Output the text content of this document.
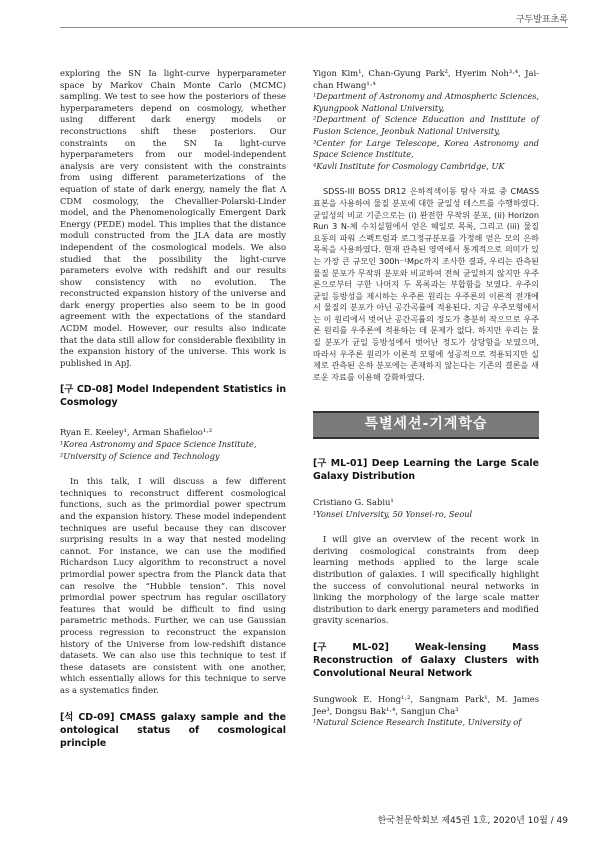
구두발표초록

exploring the SN Ia light-curve hyperparameter space by Markov Chain Monte Carlo (MCMC) sampling. We test to see how the posteriors of these hyperparameters depend on cosmology, whether using different dark energy models or reconstructions shift these posteriors. Our constraints on the SN Ia light-curve hyperparameters from our model-independent analysis are very consistent with the constraints from using different parameterizations of the equation of state of dark energy, namely the flat Λ CDM cosmology, the Chevallier-Polarski-Linder model, and the Phenomenologically Emergent Dark Energy (PEDE) model. This implies that the distance moduli constructed from the JLA data are mostly independent of the cosmological models. We also studied that the possibility the light-curve parameters evolve with redshift and our results show consistency with no evolution. The reconstructed expansion history of the universe and dark energy properties also seem to be in good agreement with the expectations of the standard ΛCDM model. However, our results also indicate that the data still allow for considerable flexibility in the expansion history of the universe. This work is published in ApJ.

[구 CD-08] Model Independent Statistics in Cosmology

Ryan E. Keeley¹, Arman Shafieloo¹·²

¹Korea Astronomy and Space Science Institute,

²University of Science and Technology

In this talk, I will discuss a few different techniques to reconstruct different cosmological functions, such as the primordial power spectrum and the expansion history. These model independent techniques are useful because they can discover surprising results in a way that nested modeling cannot. For instance, we can use the modified Richardson Lucy algorithm to reconstruct a novel primordial power spectra from the Planck data that can resolve the “Hubble tension”. This novel primordial power spectrum has regular oscillatory features that would be difficult to find using parametric methods. Further, we can use Gaussian process regression to reconstruct the expansion history of the Universe from low-redshift distance datasets. We can also use this technique to test if these datasets are consistent with one another, which essentially allows for this technique to serve as a systematics finder.

[석 CD-09] CMASS galaxy sample and the ontological status of cosmological principle

Yigon Kim¹, Chan-Gyung Park², Hyerim Noh³·⁴, Jai-chan Hwang¹·⁴

¹Department of Astronomy and Atmospheric Sciences, Kyungpook National University,

²Department of Science Education and Institute of Fusion Science, Jeonbuk National University,

³Center for Large Telescope, Korea Astronomy and Space Science Institute,

⁴Kavli Institute for Cosmology Cambridge, UK

SDSS-III BOSS DR12 은하적색이동 탐사 자료 중 CMASS 표본을 사용하여 물질 분포에 대한 균일성 테스트를 수행하였다. 균일성의 비교 기준으로는 (i) 완전한 무작위 분포, (ii) Horizon Run 3 N-체 수치실험에서 얻은 헤일로 목록, 그리고 (iii) 물질 요동의 파워 스펙트럼과 로그정규분포를 가정해 얻은 모의 은하 목록을 사용하였다. 현재 관측된 영역에서 통계적으로 의미가 있는 가장 큰 규모인 300h⁻¹Mpc까지 조사한 결과, 우리는 관측된 물질 분포가 무작위 분포와 비교하여 전혀 균일하지 않지만 우주론으로부터 구한 나머지 두 목록과는 부합함을 보였다. 우주의 균일 등방성을 제시하는 우주론 원리는 우주론의 이론적 전개에서 물질의 분포가 아닌 공간곡률에 적용된다. 지금 우주모형에서는 이 원리에서 벗어난 공간곡률의 정도가 충분히 작으므로 우주론 원리를 우주론에 적용하는 데 문제가 없다. 하지만 우리는 물질 분포가 균일 등방성에서 벗어난 정도가 상당함을 보였으며, 따라서 우주론 원리가 이론적 모형에 성공적으로 적용되지만 실제로 관측된 은하 분포에는 존재하지 않는다는 기존의 결론을 새로운 자료를 이용해 강화하였다.

특별세션-기계학습

[구 ML-01] Deep Learning the Large Scale Galaxy Distribution

Cristiano G. Sabiu¹

¹Yonsei University, 50 Yonsei-ro, Seoul

I will give an overview of the recent work in deriving cosmological constraints from deep learning methods applied to the large scale distribution of galaxies. I will specifically highlight the success of convolutional neural networks in linking the morphology of the large scale matter distribution to dark energy parameters and modified gravity scenarios.

[구 ML-02] Weak-lensing Mass Reconstruction of Galaxy Clusters with Convolutional Neural Network

Sungwook E. Hong¹·², Sangnam Park¹, M. James Jee³, Dongsu Bak¹·⁴, Sangjun Cha³

¹Natural Science Research Institute, University of

한국천문학회보 제45권 1호, 2020년 10월 / 49
